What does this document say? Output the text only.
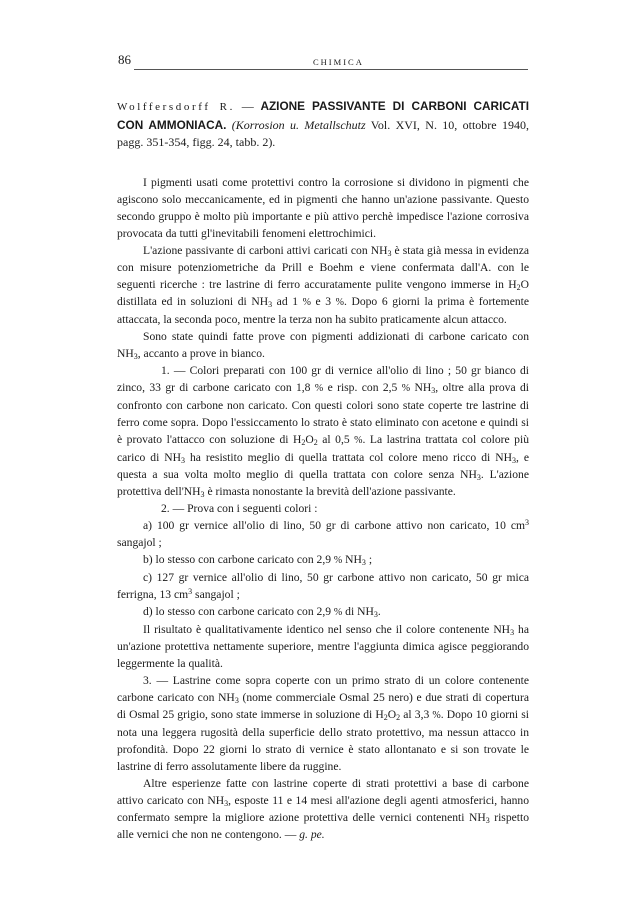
86	CHIMICA

Wolffersdorff R. — AZIONE PASSIVANTE DI CARBONI CARICATI CON AMMONIACA. (Korrosion u. Metallschutz Vol. XVI, N. 10, ottobre 1940, pagg. 351-354, figg. 24, tabb. 2).

I pigmenti usati come protettivi contro la corrosione si dividono in pigmenti che agiscono solo meccanicamente, ed in pigmenti che hanno un'azione passivante. Questo secondo gruppo è molto più importante e più attivo perchè impedisce l'azione corrosiva provocata da tutti gl'inevitabili fenomeni elettrochimici.

L'azione passivante di carboni attivi caricati con $NH_3$ è stata già messa in evidenza con misure potenziometriche da Prill e Boehm e viene confermata dall'A. con le seguenti ricerche : tre lastrine di ferro accuratamente pulite vengono immerse in $H_2O$ distillata ed in soluzioni di $NH_3$ ad 1 % e 3 %. Dopo 6 giorni la prima è fortemente attaccata, la seconda poco, mentre la terza non ha subito praticamente alcun attacco.

Sono state quindi fatte prove con pigmenti addizionati di carbone caricato con $NH_3$, accanto a prove in bianco.

1. — Colori preparati con 100 gr di vernice all'olio di lino ; 50 gr bianco di zinco, 33 gr di carbone caricato con 1,8 % e risp. con 2,5 % $NH_3$, oltre alla prova di confronto con carbone non caricato. Con questi colori sono state coperte tre lastrine di ferro come sopra. Dopo l'essiccamento lo strato è stato eliminato con acetone e quindi si è provato l'attacco con soluzione di $H_2O_2$ al 0,5 %. La lastrina trattata col colore più carico di $NH_3$ ha resistito meglio di quella trattata col colore meno ricco di $NH_3$, e questa a sua volta molto meglio di quella trattata con colore senza $NH_3$. L'azione protettiva $dell'NH_3$ è rimasta nonostante la brevità dell'azione passivante.

2. — Prova con i seguenti colori :

a) 100 gr vernice all'olio di lino, 50 gr di carbone attivo non caricato, 10 $cm^3$ sangajol ;

b) lo stesso con carbone caricato con 2,9 % $NH_3$ ;

c) 127 gr vernice all'olio di lino, 50 gr carbone attivo non caricato, 50 gr mica ferrigna, 13 $cm^3$ sangajol ;

d) lo stesso con carbone caricato con 2,9 % di $NH_3$.

Il risultato è qualitativamente identico nel senso che il colore contenente $NH_3$ ha un'azione protettiva nettamente superiore, mentre l'aggiunta dimica agisce peggiorando leggermente la qualità.

3. — Lastrine come sopra coperte con un primo strato di un colore contenente carbone caricato con $NH_3$ (nome commerciale Osmal 25 nero) e due strati di copertura di Osmal 25 grigio, sono state immerse in soluzione di $H_2O_2$ al 3,3 %. Dopo 10 giorni si nota una leggera rugosità della superficie dello strato protettivo, ma nessun attacco in profondità. Dopo 22 giorni lo strato di vernice è stato allontanato e si son trovate le lastrine di ferro assolutamente libere da ruggine.

Altre esperienze fatte con lastrine coperte di strati protettivi a base di carbone attivo caricato con $NH_3$, esposte 11 e 14 mesi all'azione degli agenti atmosferici, hanno confermato sempre la migliore azione protettiva delle vernici contenenti $NH_3$ rispetto alle vernici che non ne contengono. — g. pe.
